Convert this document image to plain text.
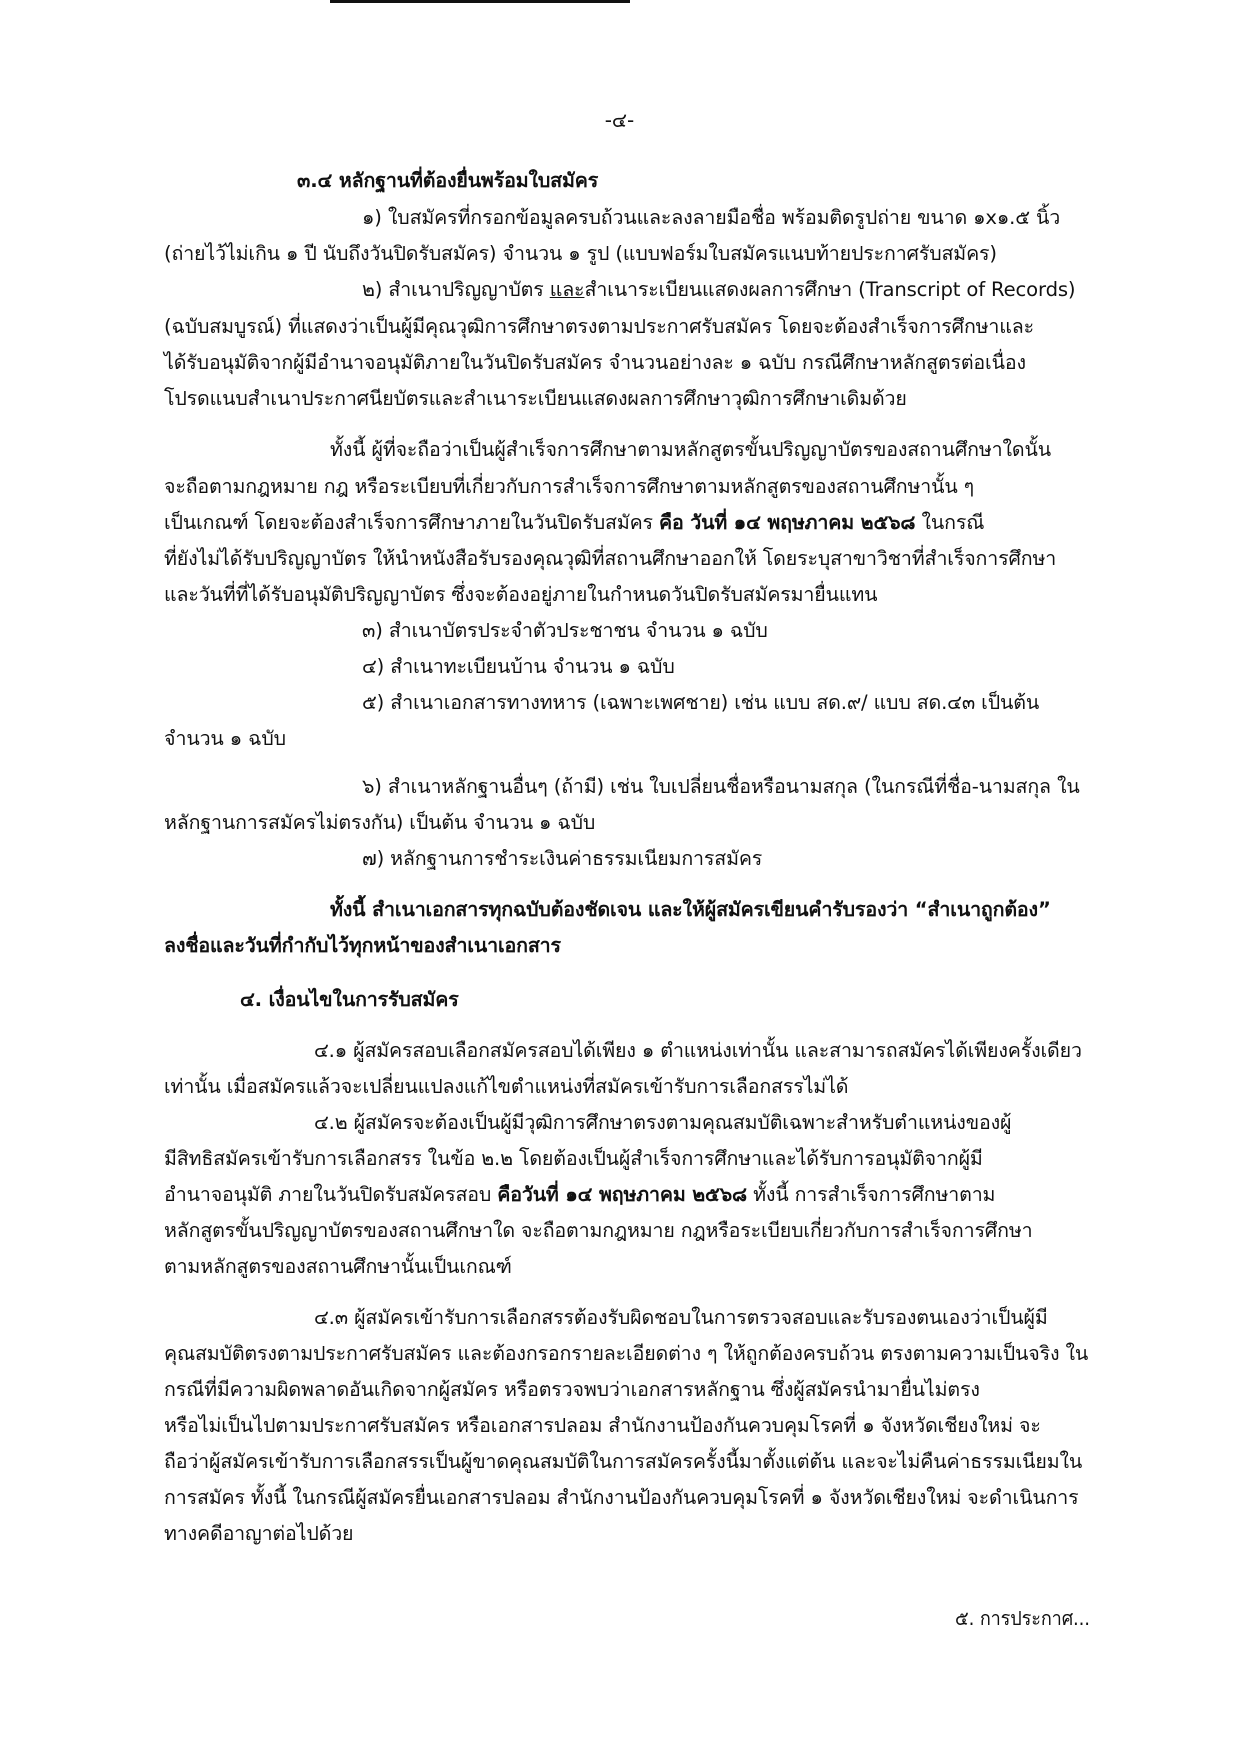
-๔-
๓.๔ หลักฐานที่ต้องยื่นพร้อมใบสมัคร
๑) ใบสมัครที่กรอกข้อมูลครบถ้วนและลงลายมือชื่อ พร้อมติดรูปถ่าย ขนาด ๑x๑.๕ นิ้ว
(ถ่ายไว้ไม่เกิน ๑ ปี นับถึงวันปิดรับสมัคร) จำนวน ๑ รูป (แบบฟอร์มใบสมัครแนบท้ายประกาศรับสมัคร)
๒) สำเนาปริญญาบัตร และสำเนาระเบียนแสดงผลการศึกษา (Transcript of Records)
(ฉบับสมบูรณ์) ที่แสดงว่าเป็นผู้มีคุณวุฒิการศึกษาตรงตามประกาศรับสมัคร โดยจะต้องสำเร็จการศึกษาและ
ได้รับอนุมัติจากผู้มีอำนาจอนุมัติภายในวันปิดรับสมัคร จำนวนอย่างละ ๑ ฉบับ กรณีศึกษาหลักสูตรต่อเนื่อง
โปรดแนบสำเนาประกาศนียบัตรและสำเนาระเบียนแสดงผลการศึกษาวุฒิการศึกษาเดิมด้วย
ทั้งนี้ ผู้ที่จะถือว่าเป็นผู้สำเร็จการศึกษาตามหลักสูตรขั้นปริญญาบัตรของสถานศึกษาใดนั้น
จะถือตามกฎหมาย กฎ หรือระเบียบที่เกี่ยวกับการสำเร็จการศึกษาตามหลักสูตรของสถานศึกษานั้น ๆ
เป็นเกณฑ์ โดยจะต้องสำเร็จการศึกษาภายในวันปิดรับสมัคร คือ วันที่ ๑๔ พฤษภาคม ๒๕๖๘ ในกรณี
ที่ยังไม่ได้รับปริญญาบัตร ให้นำหนังสือรับรองคุณวุฒิที่สถานศึกษาออกให้ โดยระบุสาขาวิชาที่สำเร็จการศึกษา
และวันที่ที่ได้รับอนุมัติปริญญาบัตร ซึ่งจะต้องอยู่ภายในกำหนดวันปิดรับสมัครมายื่นแทน
๓) สำเนาบัตรประจำตัวประชาชน จำนวน ๑ ฉบับ
๔) สำเนาทะเบียนบ้าน จำนวน ๑ ฉบับ
๕) สำเนาเอกสารทางทหาร (เฉพาะเพศชาย) เช่น แบบ สด.๙/ แบบ สด.๔๓ เป็นต้น
จำนวน ๑ ฉบับ
๖) สำเนาหลักฐานอื่นๆ (ถ้ามี) เช่น ใบเปลี่ยนชื่อหรือนามสกุล (ในกรณีที่ชื่อ-นามสกุล ใน
หลักฐานการสมัครไม่ตรงกัน) เป็นต้น จำนวน ๑ ฉบับ
๗) หลักฐานการชำระเงินค่าธรรมเนียมการสมัคร
ทั้งนี้ สำเนาเอกสารทุกฉบับต้องชัดเจน และให้ผู้สมัครเขียนคำรับรองว่า “สำเนาถูกต้อง”
ลงชื่อและวันที่กำกับไว้ทุกหน้าของสำเนาเอกสาร
๔. เงื่อนไขในการรับสมัคร
๔.๑ ผู้สมัครสอบเลือกสมัครสอบได้เพียง ๑ ตำแหน่งเท่านั้น และสามารถสมัครได้เพียงครั้งเดียว
เท่านั้น เมื่อสมัครแล้วจะเปลี่ยนแปลงแก้ไขตำแหน่งที่สมัครเข้ารับการเลือกสรรไม่ได้
๔.๒ ผู้สมัครจะต้องเป็นผู้มีวุฒิการศึกษาตรงตามคุณสมบัติเฉพาะสำหรับตำแหน่งของผู้
มีสิทธิสมัครเข้ารับการเลือกสรร ในข้อ ๒.๒ โดยต้องเป็นผู้สำเร็จการศึกษาและได้รับการอนุมัติจากผู้มี
อำนาจอนุมัติ ภายในวันปิดรับสมัครสอบ คือวันที่ ๑๔ พฤษภาคม ๒๕๖๘ ทั้งนี้ การสำเร็จการศึกษาตาม
หลักสูตรขั้นปริญญาบัตรของสถานศึกษาใด จะถือตามกฎหมาย กฎหรือระเบียบเกี่ยวกับการสำเร็จการศึกษา
ตามหลักสูตรของสถานศึกษานั้นเป็นเกณฑ์
๔.๓ ผู้สมัครเข้ารับการเลือกสรรต้องรับผิดชอบในการตรวจสอบและรับรองตนเองว่าเป็นผู้มี
คุณสมบัติตรงตามประกาศรับสมัคร และต้องกรอกรายละเอียดต่าง ๆ ให้ถูกต้องครบถ้วน ตรงตามความเป็นจริง ใน
กรณีที่มีความผิดพลาดอันเกิดจากผู้สมัคร หรือตรวจพบว่าเอกสารหลักฐาน ซึ่งผู้สมัครนำมายื่นไม่ตรง
หรือไม่เป็นไปตามประกาศรับสมัคร หรือเอกสารปลอม สำนักงานป้องกันควบคุมโรคที่ ๑ จังหวัดเชียงใหม่ จะ
ถือว่าผู้สมัครเข้ารับการเลือกสรรเป็นผู้ขาดคุณสมบัติในการสมัครครั้งนี้มาตั้งแต่ต้น และจะไม่คืนค่าธรรมเนียมใน
การสมัคร ทั้งนี้ ในกรณีผู้สมัครยื่นเอกสารปลอม สำนักงานป้องกันควบคุมโรคที่ ๑ จังหวัดเชียงใหม่ จะดำเนินการ
ทางคดีอาญาต่อไปด้วย
๕. การประกาศ...
